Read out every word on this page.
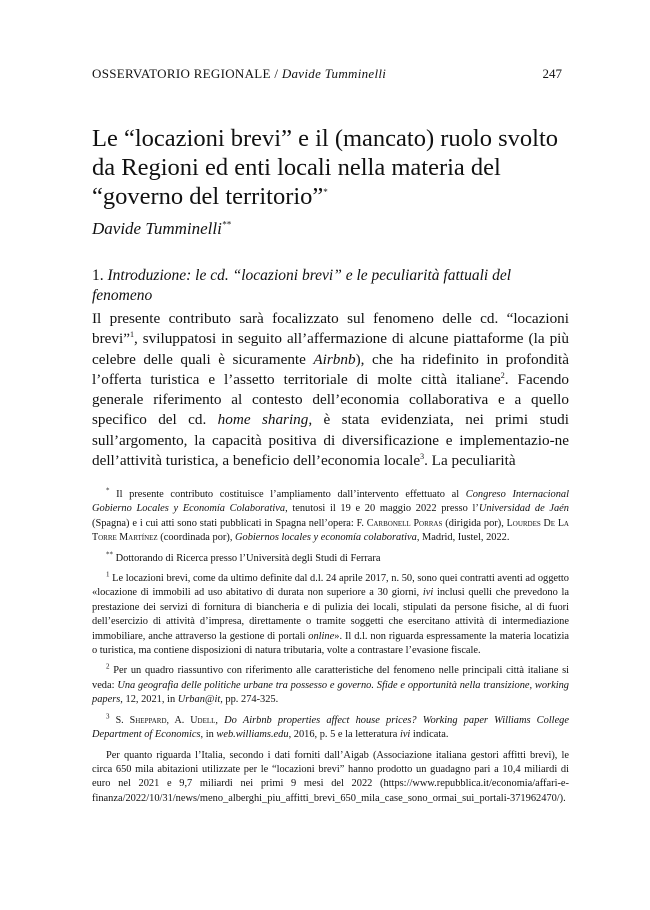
OSSERVATORIO REGIONALE / Davide Tumminelli	247
Le “locazioni brevi” e il (mancato) ruolo svolto da Regioni ed enti locali nella materia del “governo del territorio”*
Davide Tumminelli**
1. Introduzione: le cd. “locazioni brevi” e le peculiarità fattuali del fenomeno

Il presente contributo sarà focalizzato sul fenomeno delle cd. “locazioni brevi”$^1$, sviluppatosi in seguito all’affermazione di alcune piattaforme (la più celebre delle quali è sicuramente Airbnb), che ha ridefinito in profondità l’offerta turistica e l’assetto territoriale di molte città italiane$^2$. Facendo generale riferimento al contesto dell’economia collaborativa e a quello specifico del cd. home sharing, è stata evidenziata, nei primi studi sull’argomento, la capacità positiva di diversificazione e implementazio-ne dell’attività turistica, a beneficio dell’economia locale$^3$. La peculiarità

* Il presente contributo costituisce l’ampliamento dall’intervento effettuato al Congreso Internacional Gobierno Locales y Economía Colaborativa, tenutosi il 19 e 20 maggio 2022 presso l’Universidad de Jaén (Spagna) e i cui atti sono stati pubblicati in Spagna nell’opera: F. Carbonell Porras (dirigida por), Lourdes De La Torre Martínez (coordinada por), Gobiernos locales y economía colaborativa, Madrid, Iustel, 2022.

** Dottorando di Ricerca presso l’Università degli Studi di Ferrara

$^1$ Le locazioni brevi, come da ultimo definite dal d.l. 24 aprile 2017, n. 50, sono quei contratti aventi ad oggetto «locazione di immobili ad uso abitativo di durata non superiore a 30 giorni, ivi inclusi quelli che prevedono la prestazione dei servizi di fornitura di biancheria e di pulizia dei locali, stipulati da persone fisiche, al di fuori dell’esercizio di attività d’impresa, direttamente o tramite soggetti che esercitano attività di intermediazione immobiliare, anche attraverso la gestione di portali online». Il d.l. non riguarda espressamente la materia locatizia o turistica, ma contiene disposizioni di natura tributaria, volte a contrastare l’evasione fiscale.

$^2$ Per un quadro riassuntivo con riferimento alle caratteristiche del fenomeno nelle principali città italiane si veda: Una geografia delle politiche urbane tra possesso e governo. Sfide e opportunità nella transizione, working papers, 12, 2021, in Urban@it, pp. 274-325.

$^3$ S. Sheppard, A. Udell, Do Airbnb properties affect house prices? Working paper Williams College Department of Economics, in web.williams.edu, 2016, p. 5 e la letteratura ivi indicata.

Per quanto riguarda l’Italia, secondo i dati forniti dall’Aigab (Associazione italiana gestori affitti brevi), le circa 650 mila abitazioni utilizzate per le “locazioni brevi” hanno prodotto un guadagno pari a 10,4 miliardi di euro nel 2021 e 9,7 miliardi nei primi 9 mesi del 2022 (https://www.repubblica.it/economia/affari-e-finanza/2022/10/31/news/meno_alberghi_piu_affitti_brevi_650_mila_case_sono_ormai_sui_portali-371962470/).
